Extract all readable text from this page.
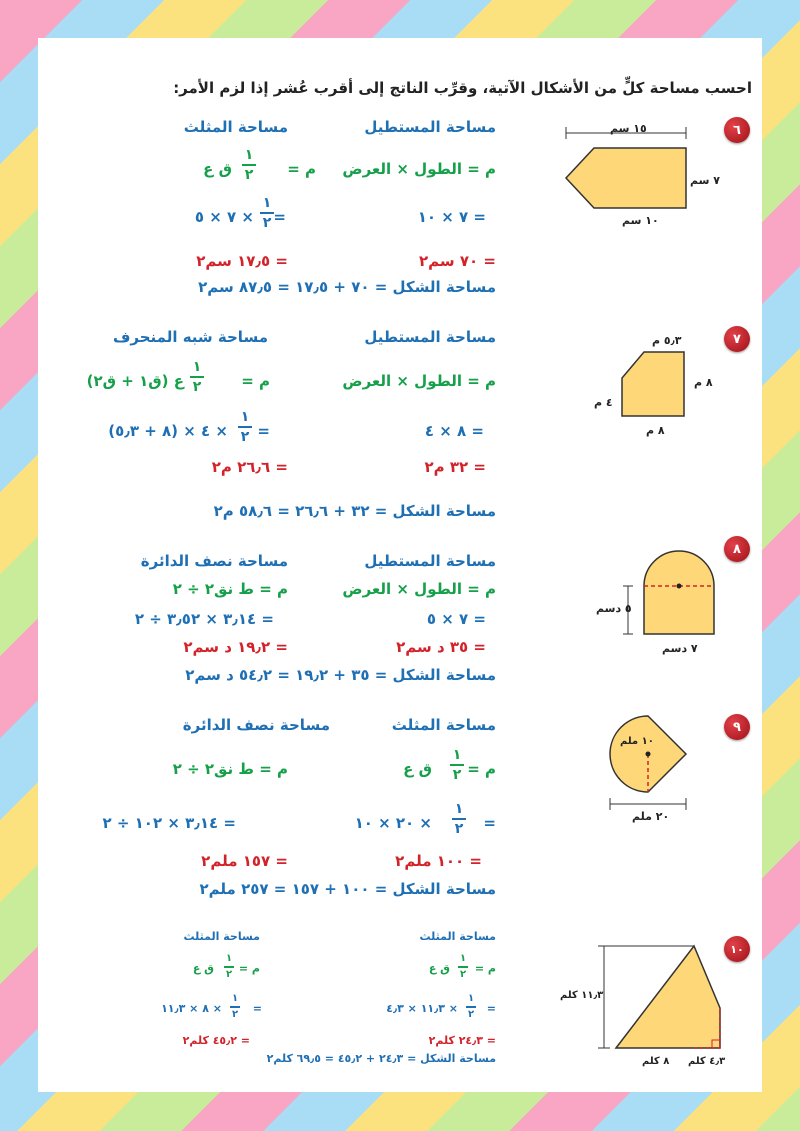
احسب مساحة كلٍّ من الأشكال الآتية، وقرِّب الناتج إلى أقرب عُشر إذا لزم الأمر:
٦
١٥ سم
٧ سم
١٠ سم
مساحة المستطيل
مساحة المثلث
م = الطول × العرض
م =
١
٢
ق ع
= ٧ × ١٠
=
١
٢
× ٧ × ٥
= ٧٠ سم٢
= ١٧٫٥ سم٢
مساحة الشكل = ٧٠ + ١٧٫٥ = ٨٧٫٥ سم٢
٧
٥٫٣ م
٤ م
٨ م
٨ م
مساحة المستطيل
مساحة شبه المنحرف
م = الطول × العرض
م =
١
٢
ع (ق١ + ق٢)
= ٨ × ٤
=
١
٢
× ٤ × (٨ + ٥٫٣)
= ٣٢ م٢
= ٢٦٫٦ م٢
مساحة الشكل = ٣٢ + ٢٦٫٦ = ٥٨٫٦ م٢
٨
٥ دسم
٧ دسم
مساحة المستطيل
مساحة نصف الدائرة
م = الطول × العرض
م = ط نق٢ ÷ ٢
= ٧ × ٥
= ٣٫١٤ × ٣٫٥٢ ÷ ٢
= ٣٥ د سم٢
= ١٩٫٢ د سم٢
مساحة الشكل = ٣٥ + ١٩٫٢ = ٥٤٫٢ د سم٢
٩
١٠ ملم
٢٠ ملم
مساحة المثلث
مساحة نصف الدائرة
م =
١
٢
ق ع
م = ط نق٢ ÷ ٢
=
١
٢
× ٢٠ × ١٠
= ٣٫١٤ × ١٠٢ ÷ ٢
= ١٠٠ ملم٢
= ١٥٧ ملم٢
مساحة الشكل = ١٠٠ + ١٥٧ = ٢٥٧ ملم٢
١٠
١١٫٣ كلم
٨ كلم ٤٫٣ كلم
مساحة المثلث
مساحة المثلث
م =
١
٢
ق ع
م =
١
٢
ق ع
=
١
٢
× ١١٫٣ × ٤٫٣
=
١
٢
× ٨ × ١١٫٣
= ٢٤٫٣ كلم٢
= ٤٥٫٢ كلم٢
مساحة الشكل = ٢٤٫٣ + ٤٥٫٢ = ٦٩٫٥ كلم٢
